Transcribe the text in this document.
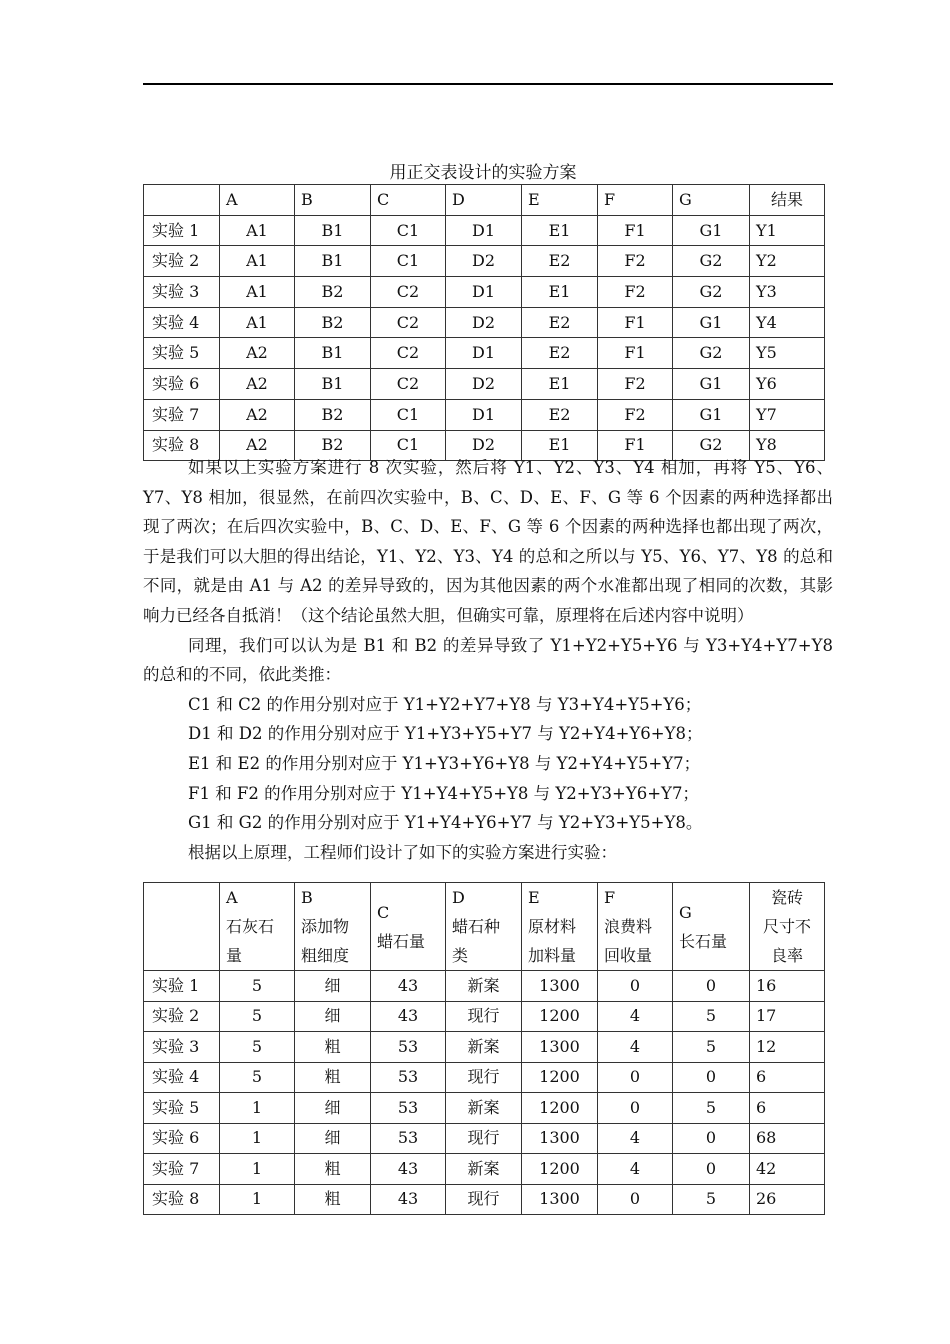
用正交表设计的实验方案
	A	B	C	D	E	F	G	结果
实验 1	A1	B1	C1	D1	E1	F1	G1	Y1
实验 2	A1	B1	C1	D2	E2	F2	G2	Y2
实验 3	A1	B2	C2	D1	E1	F2	G2	Y3
实验 4	A1	B2	C2	D2	E2	F1	G1	Y4
实验 5	A2	B1	C2	D1	E2	F1	G2	Y5
实验 6	A2	B1	C2	D2	E1	F2	G1	Y6
实验 7	A2	B2	C1	D1	E2	F2	G1	Y7
实验 8	A2	B2	C1	D2	E1	F1	G2	Y8

如果以上实验方案进行 8 次实验，然后将 Y1、Y2、Y3、Y4 相加，再将 Y5、Y6、Y7、Y8 相加，很显然，在前四次实验中，B、C、D、E、F、G 等 6 个因素的两种选择都出现了两次；在后四次实验中，B、C、D、E、F、G 等 6 个因素的两种选择也都出现了两次，于是我们可以大胆的得出结论，Y1、Y2、Y3、Y4 的总和之所以与 Y5、Y6、Y7、Y8 的总和不同，就是由 A1 与 A2 的差异导致的，因为其他因素的两个水准都出现了相同的次数，其影响力已经各自抵消！（这个结论虽然大胆，但确实可靠，原理将在后述内容中说明）

同理，我们可以认为是 B1 和 B2 的差异导致了 Y1+Y2+Y5+Y6 与 Y3+Y4+Y7+Y8 的总和的不同，依此类推：

C1 和 C2 的作用分别对应于 Y1+Y2+Y7+Y8 与 Y3+Y4+Y5+Y6；

D1 和 D2 的作用分别对应于 Y1+Y3+Y5+Y7 与 Y2+Y4+Y6+Y8；

E1 和 E2 的作用分别对应于 Y1+Y3+Y6+Y8 与 Y2+Y4+Y5+Y7；

F1 和 F2 的作用分别对应于 Y1+Y4+Y5+Y8 与 Y2+Y3+Y6+Y7；

G1 和 G2 的作用分别对应于 Y1+Y4+Y6+Y7 与 Y2+Y3+Y5+Y8。

根据以上原理，工程师们设计了如下的实验方案进行实验：

	A
石灰石
量	B
添加物
粗细度	C
蜡石量	D
蜡石种
类	E
原材料
加料量	F
浪费料
回收量	G
长石量	瓷砖
尺寸不
良率
实验 1	5	细	43	新案	1300	0	0	16
实验 2	5	细	43	现行	1200	4	5	17
实验 3	5	粗	53	新案	1300	4	5	12
实验 4	5	粗	53	现行	1200	0	0	6
实验 5	1	细	53	新案	1200	0	5	6
实验 6	1	细	53	现行	1300	4	0	68
实验 7	1	粗	43	新案	1200	4	0	42
实验 8	1	粗	43	现行	1300	0	5	26
